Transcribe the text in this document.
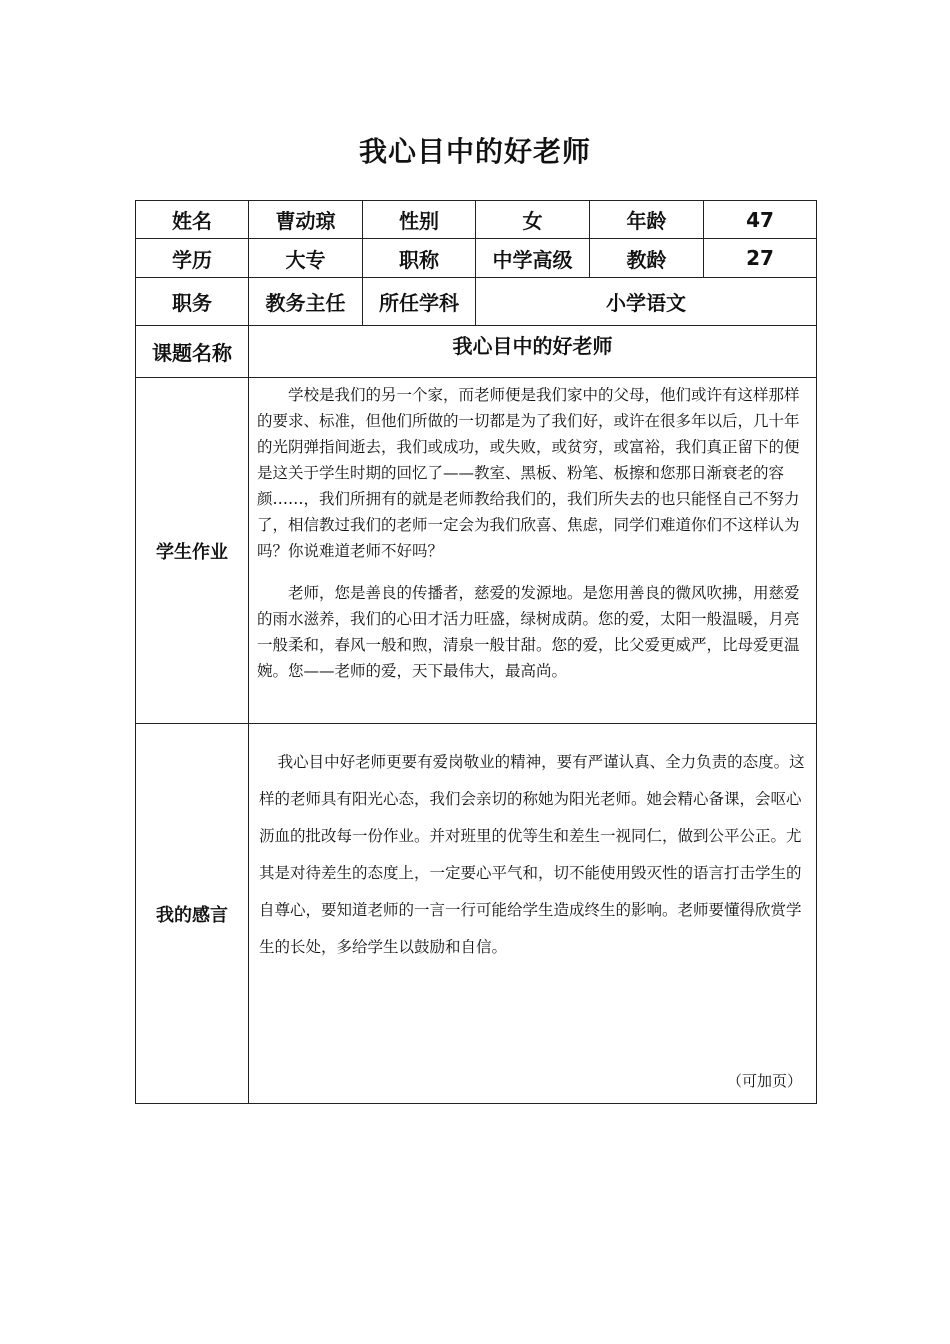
我心目中的好老师
姓名	曹动琼	性别	女	年龄	47
学历	大专	职称	中学高级	教龄	27
职务	教务主任	所任学科	小学语文		
课题名称	我心目中的好老师				
学生作业	学校是我们的另一个家，而老师便是我们家中的父母，他们或许有这样那样的要求、标准，但他们所做的一切都是为了我们好，或许在很多年以后，几十年的光阴弹指间逝去，我们或成功，或失败，或贫穷，或富裕，我们真正留下的便是这关于学生时期的回忆了——教室、黑板、粉笔、板擦和您那日渐衰老的容颜……，我们所拥有的就是老师教给我们的，我们所失去的也只能怪自己不努力了，相信教过我们的老师一定会为我们欣喜、焦虑，同学们难道你们不这样认为吗？你说难道老师不好吗？

老师，您是善良的传播者，慈爱的发源地。是您用善良的微风吹拂，用慈爱的雨水滋养，我们的心田才活力旺盛，绿树成荫。您的爱，太阳一般温暖，月亮一般柔和，春风一般和煦，清泉一般甘甜。您的爱，比父爱更威严，比母爱更温婉。您——老师的爱，天下最伟大，最高尚。				

我的感言	我心目中好老师更要有爱岗敬业的精神，要有严谨认真、全力负责的态度。这样的老师具有阳光心态，我们会亲切的称她为阳光老师。她会精心备课，会呕心沥血的批改每一份作业。并对班里的优等生和差生一视同仁，做到公平公正。尤其是对待差生的态度上，一定要心平气和，切不能使用毁灭性的语言打击学生的自尊心，要知道老师的一言一行可能给学生造成终生的影响。老师要懂得欣赏学生的长处，多给学生以鼓励和自信。

（可加页）				
